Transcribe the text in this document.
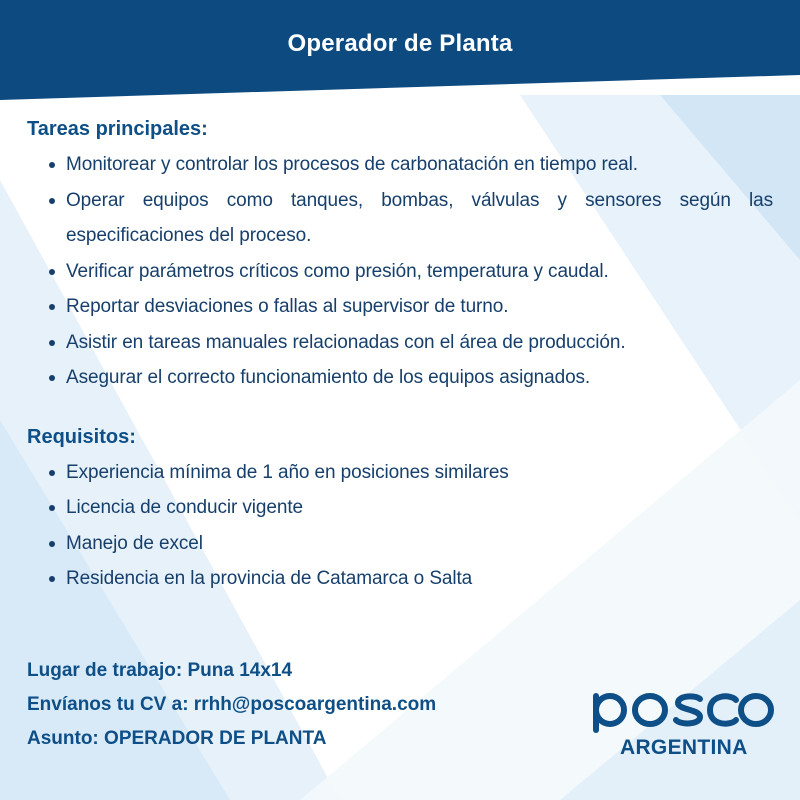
Operador de Planta
Tareas principales:
Monitorear y controlar los procesos de carbonatación en tiempo real.
Operar equipos como tanques, bombas, válvulas y sensores según las especificaciones del proceso.
Verificar parámetros críticos como presión, temperatura y caudal.
Reportar desviaciones o fallas al supervisor de turno.
Asistir en tareas manuales relacionadas con el área de producción.
Asegurar el correcto funcionamiento de los equipos asignados.
Requisitos:
Experiencia mínima de 1 año en posiciones similares
Licencia de conducir vigente
Manejo de excel
Residencia en la provincia de Catamarca o Salta
Lugar de trabajo: Puna 14x14
Envíanos tu CV a: rrhh@poscoargentina.com
Asunto: OPERADOR DE PLANTA	ARGENTINA
